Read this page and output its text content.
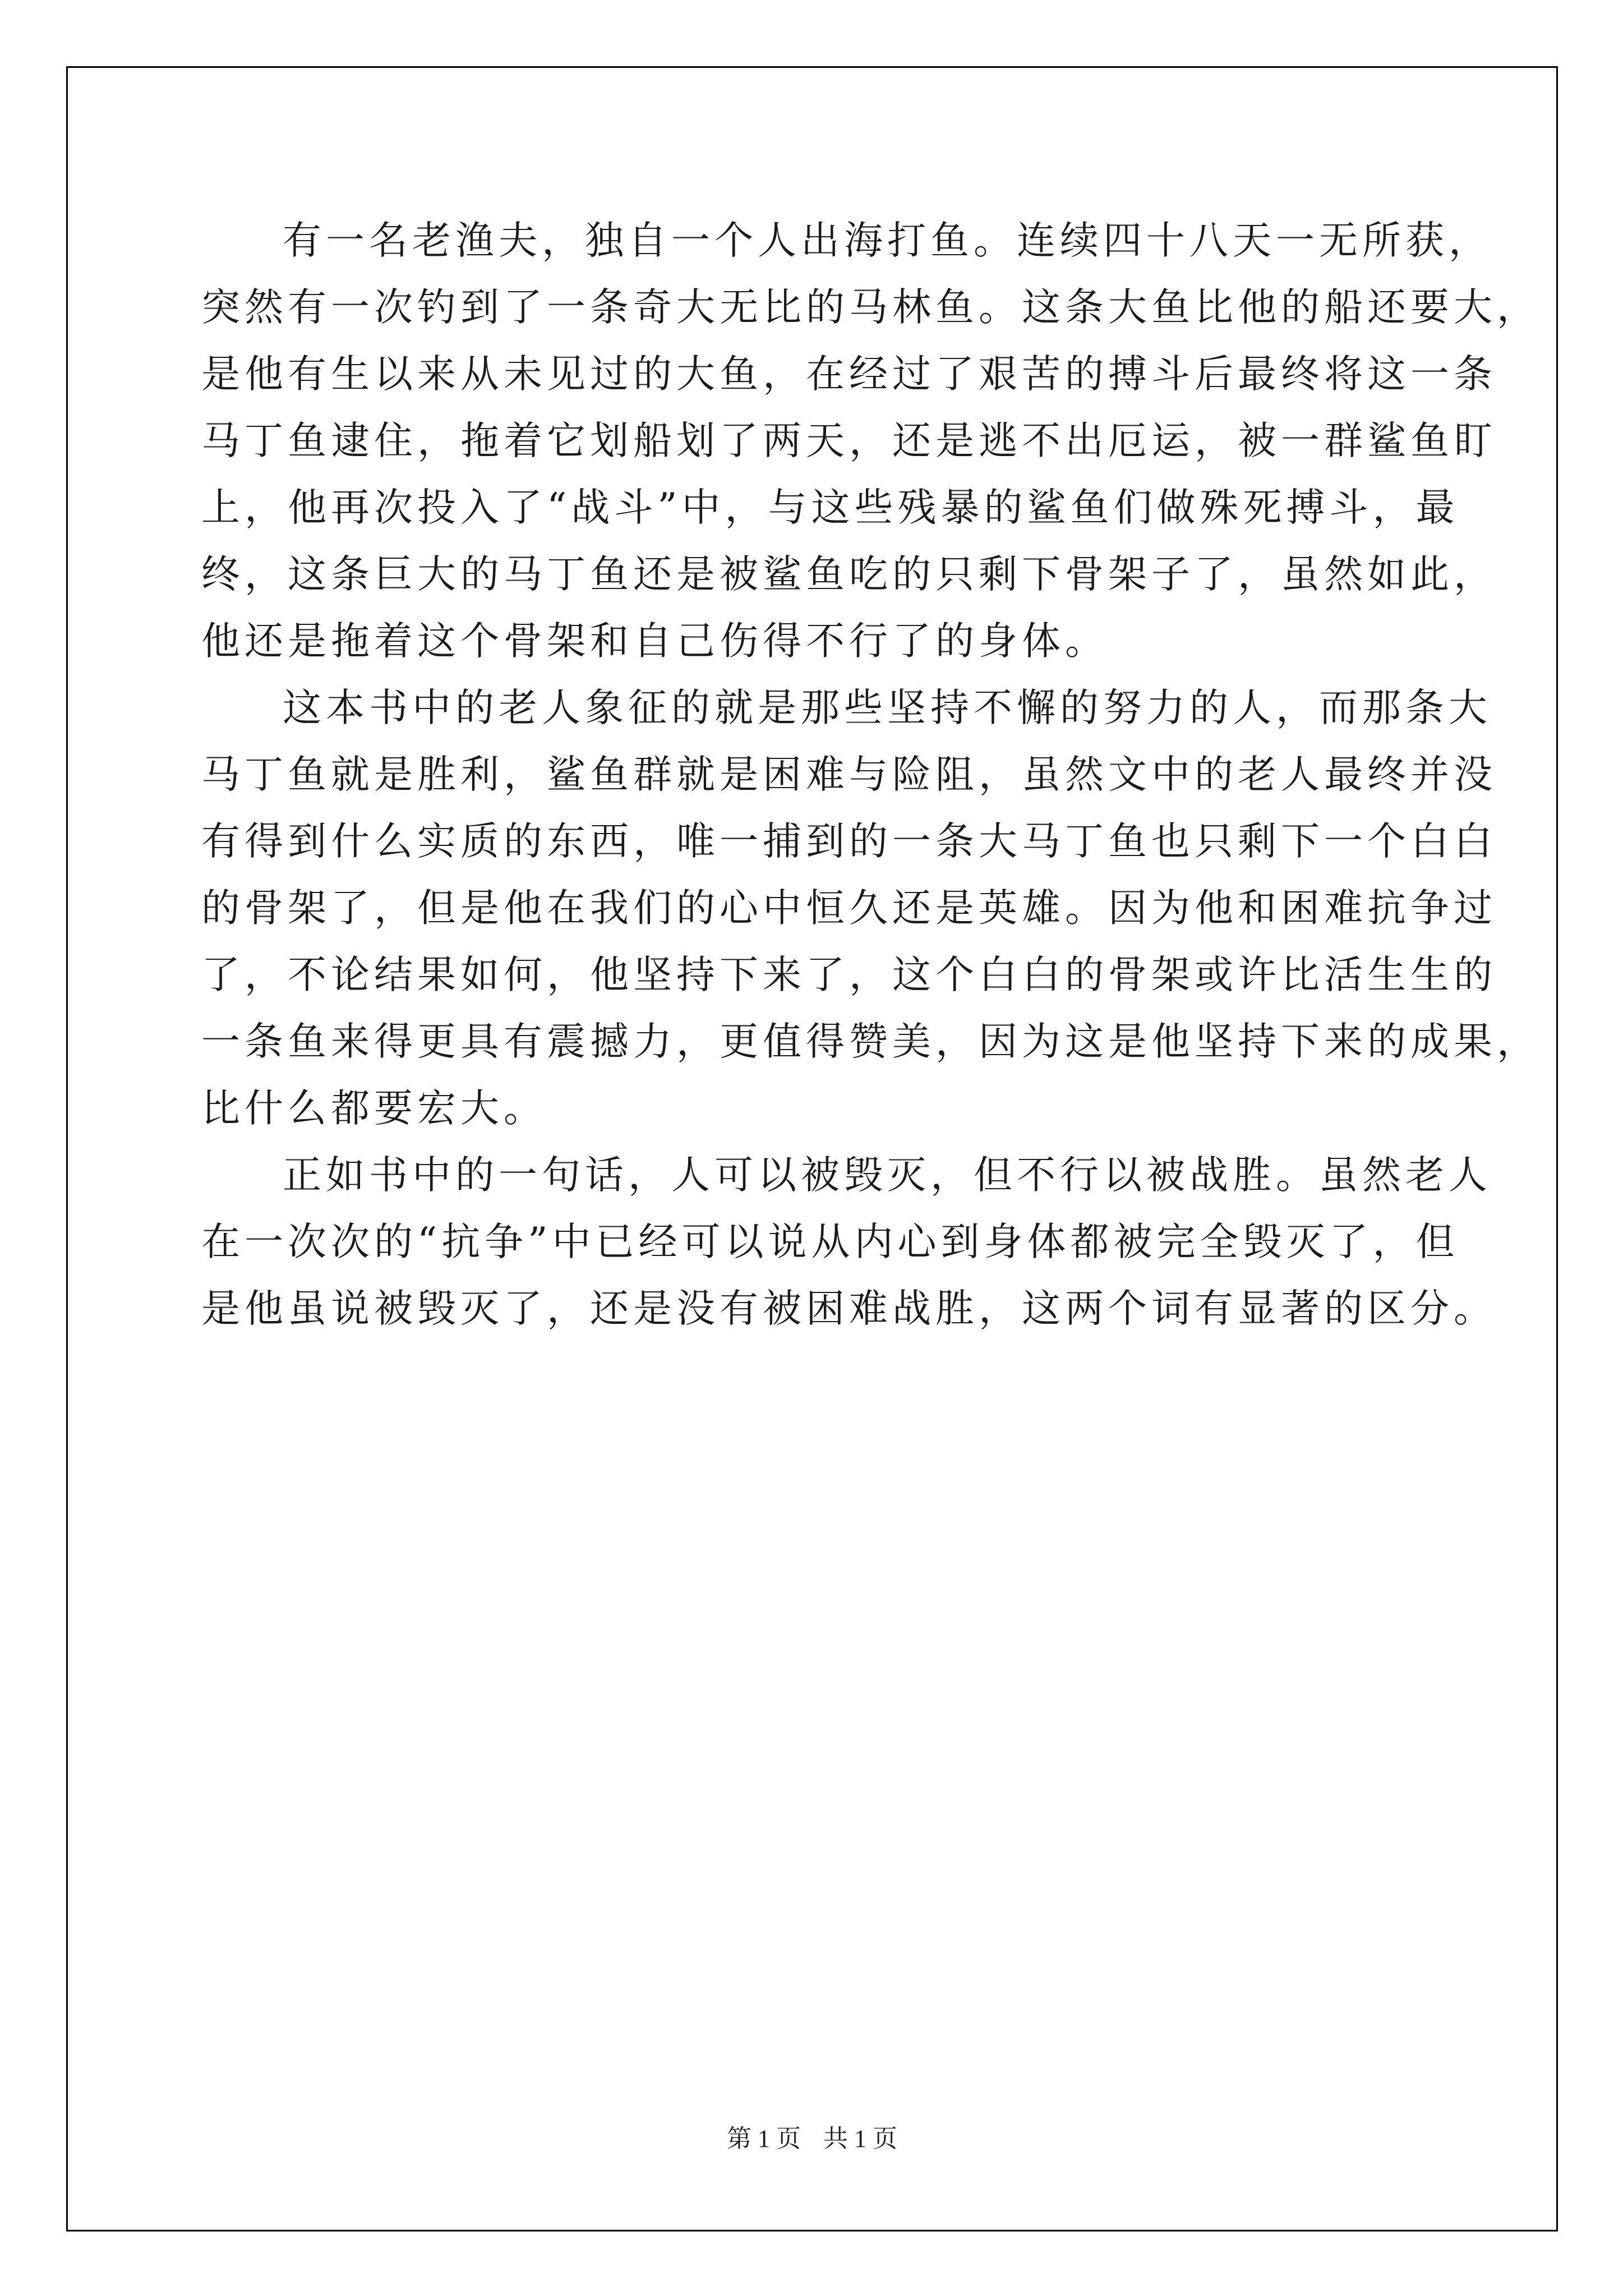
有一名老渔夫，独自一个人出海打鱼。连续四十八天一无所获，
突然有一次钓到了一条奇大无比的马林鱼。这条大鱼比他的船还要大，
是他有生以来从未见过的大鱼，在经过了艰苦的搏斗后最终将这一条
马丁鱼逮住，拖着它划船划了两天，还是逃不出厄运，被一群鲨鱼盯
上，他再次投入了“战斗”中，与这些残暴的鲨鱼们做殊死搏斗，最
终，这条巨大的马丁鱼还是被鲨鱼吃的只剩下骨架子了，虽然如此，
他还是拖着这个骨架和自己伤得不行了的身体。
这本书中的老人象征的就是那些坚持不懈的努力的人，而那条大
马丁鱼就是胜利，鲨鱼群就是困难与险阻，虽然文中的老人最终并没
有得到什么实质的东西，唯一捕到的一条大马丁鱼也只剩下一个白白
的骨架了，但是他在我们的心中恒久还是英雄。因为他和困难抗争过
了，不论结果如何，他坚持下来了，这个白白的骨架或许比活生生的
一条鱼来得更具有震撼力，更值得赞美，因为这是他坚持下来的成果，
比什么都要宏大。
正如书中的一句话，人可以被毁灭，但不行以被战胜。虽然老人
在一次次的“抗争”中已经可以说从内心到身体都被完全毁灭了，但
是他虽说被毁灭了，还是没有被困难战胜，这两个词有显著的区分。
第 1 页 共 1 页
